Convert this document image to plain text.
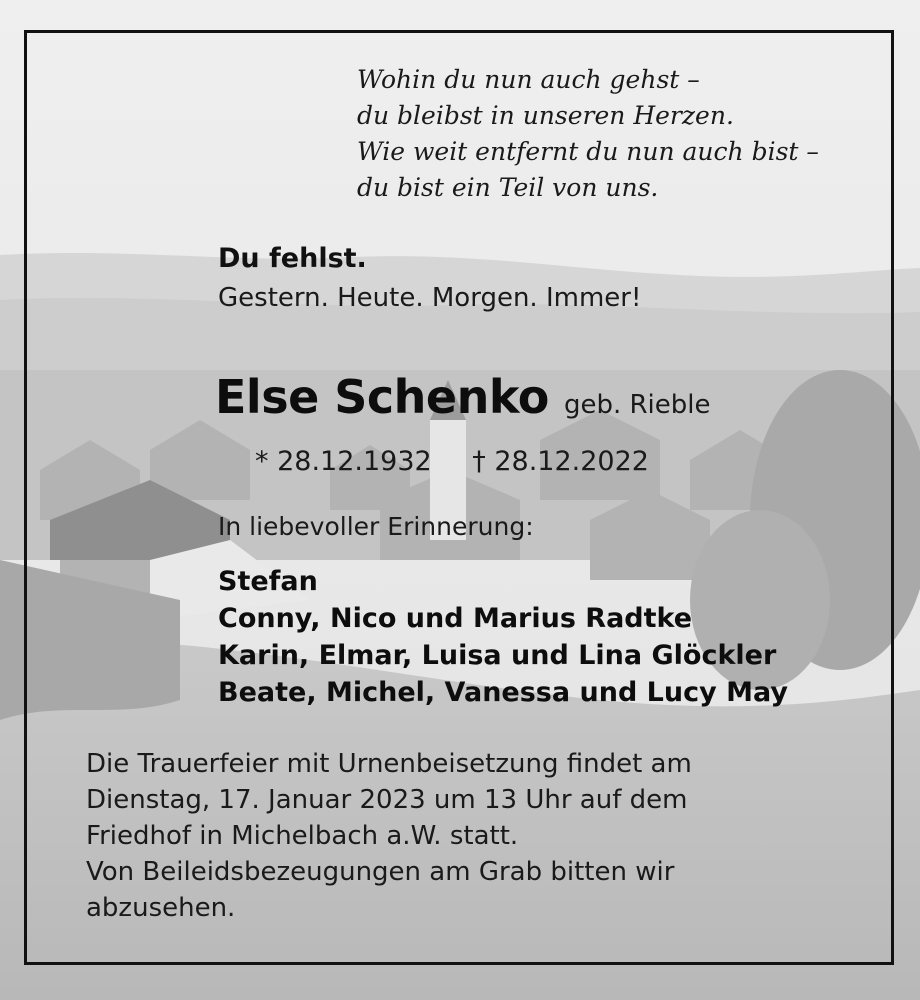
Wohin du nun auch gehst –
du bleibst in unseren Herzen.
Wie weit entfernt du nun auch bist –
du bist ein Teil von uns.
Du fehlst.
Gestern. Heute. Morgen. Immer!
Else Schenko geb. Rieble
* 28.12.1932 † 28.12.2022
In liebevoller Erinnerung:
Stefan
Conny, Nico und Marius Radtke
Karin, Elmar, Luisa und Lina Glöckler
Beate, Michel, Vanessa und Lucy May
Die Trauerfeier mit Urnenbeisetzung findet am
Dienstag, 17. Januar 2023 um 13 Uhr auf dem
Friedhof in Michelbach a.W. statt.
Von Beileidsbezeugungen am Grab bitten wir
abzusehen.
